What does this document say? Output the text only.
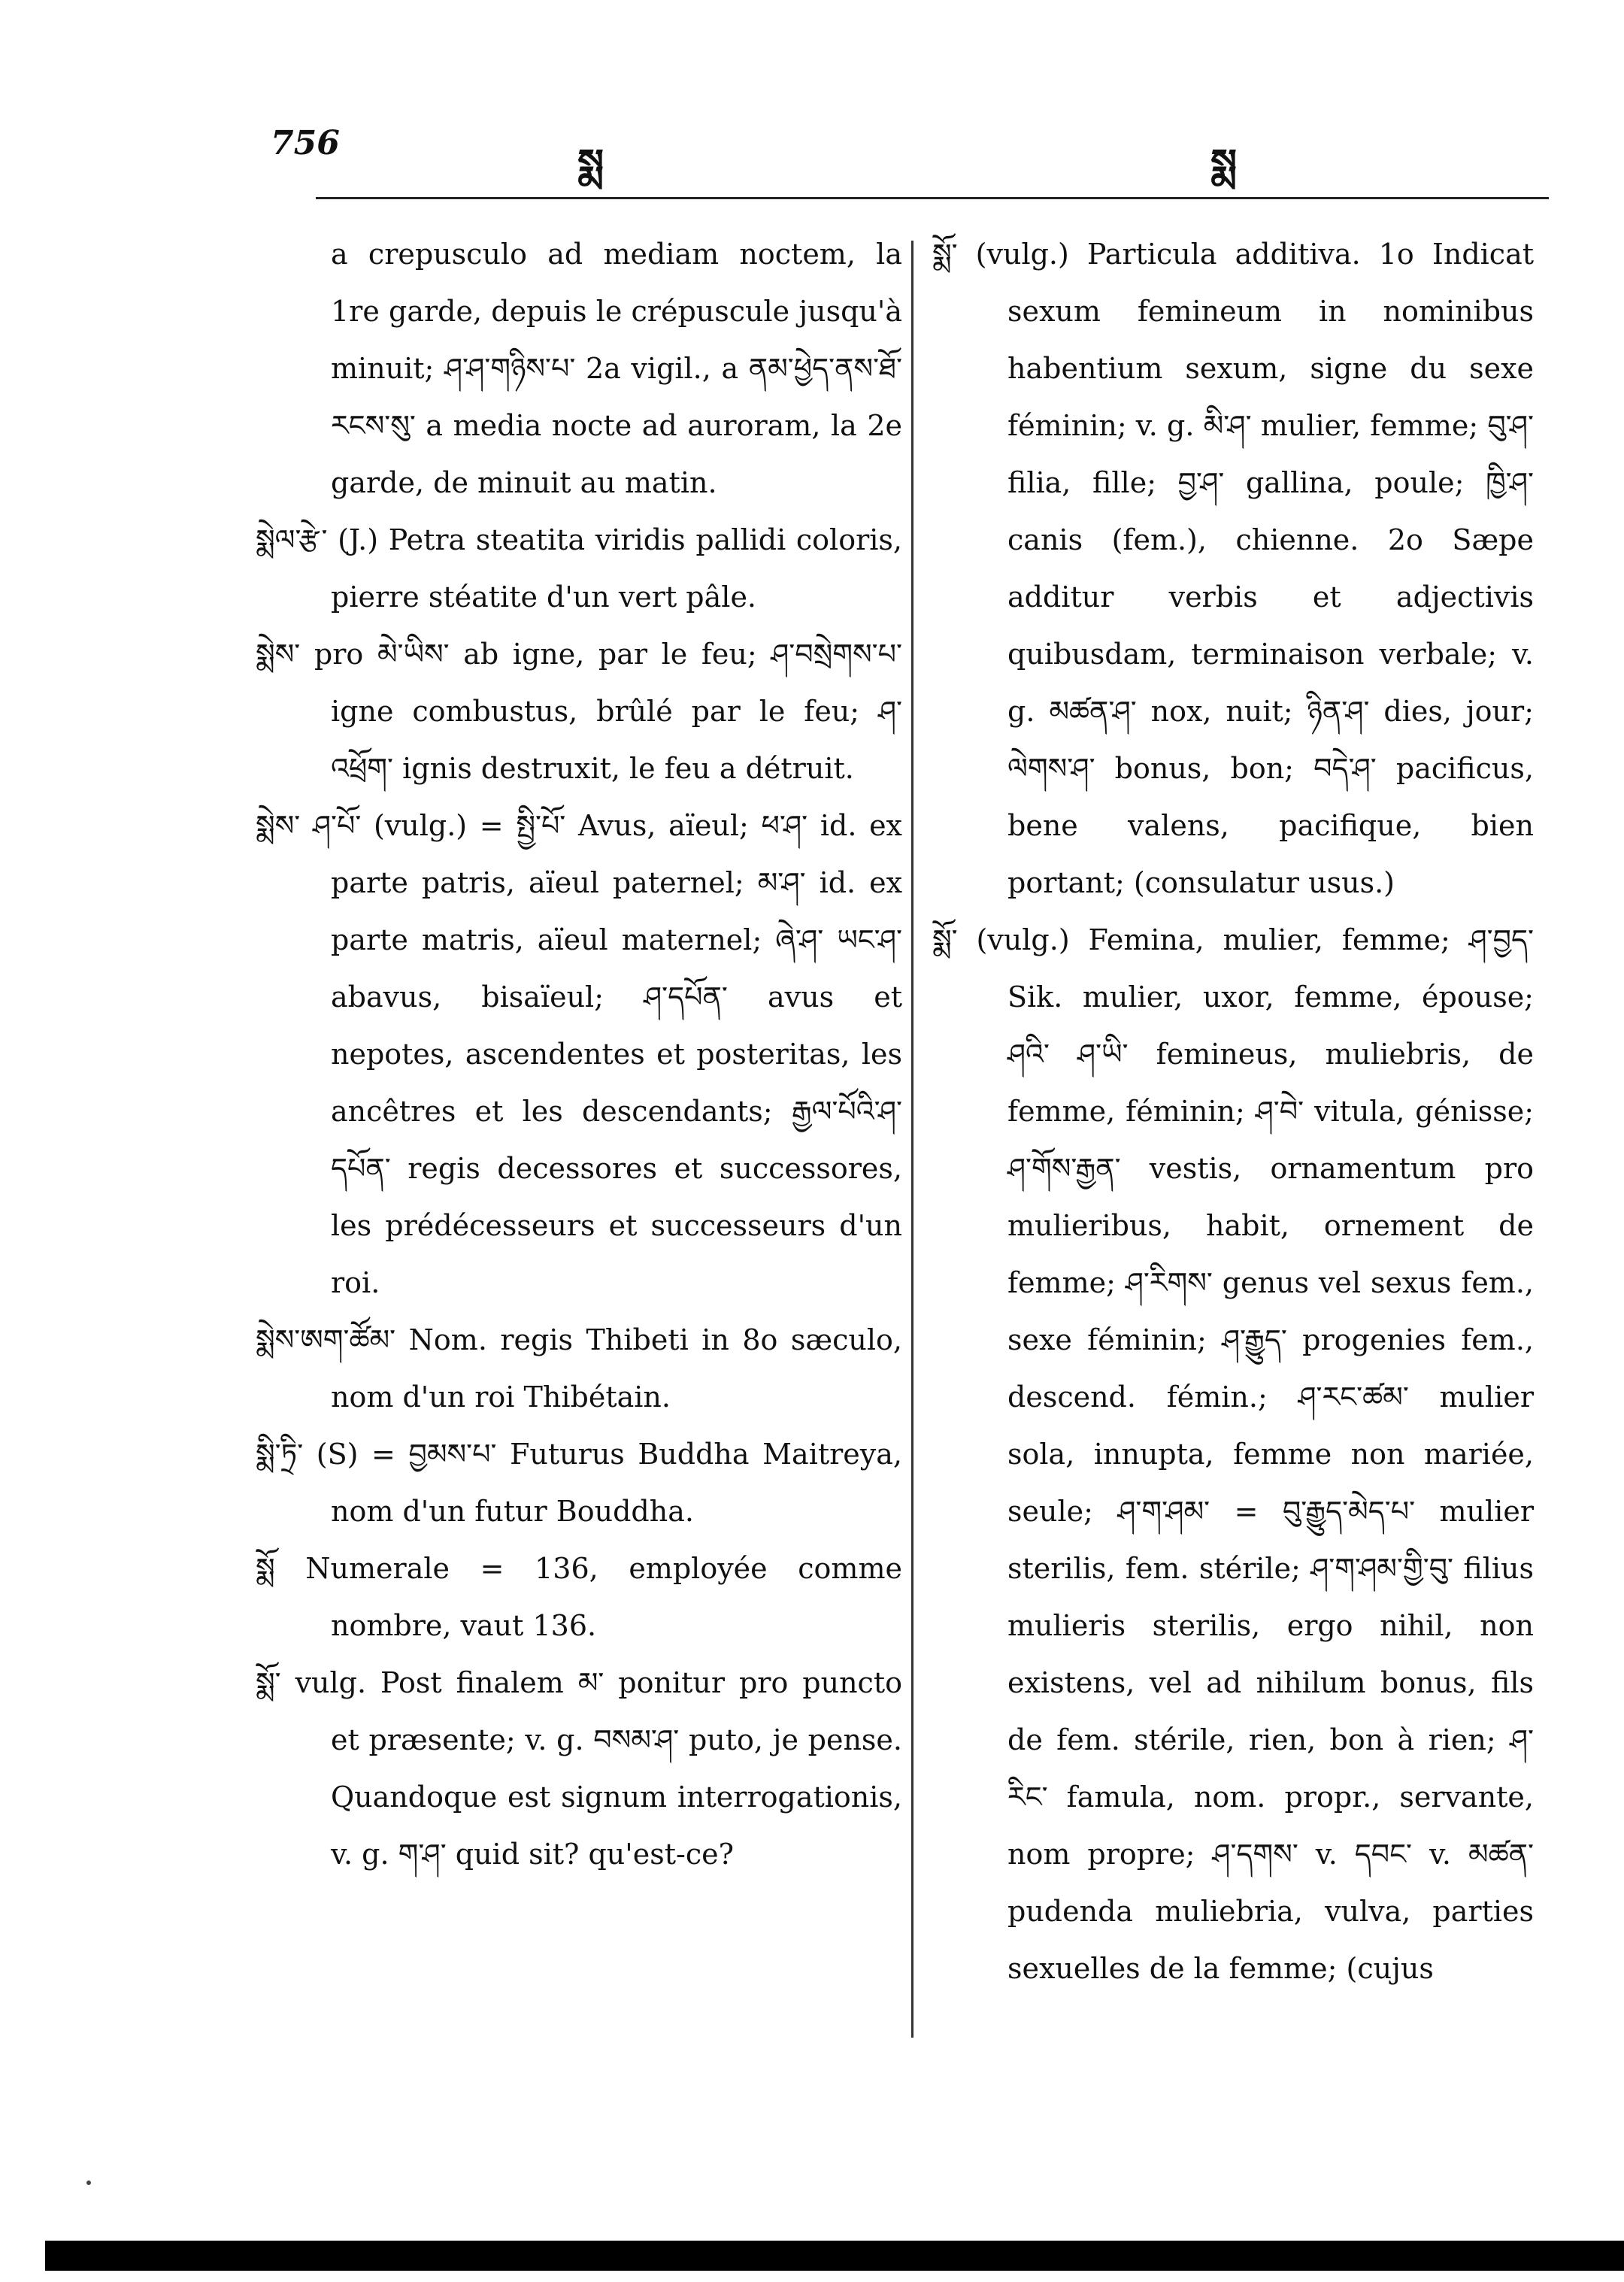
756	སྨ	སྨ

a crepusculo ad mediam noctem, la 1re garde, depuis le crépuscule jusqu'à minuit; ཤ་ཤ་གཉིས་པ་ 2a vigil., a ནམ་ཕྱེད་ནས་ཐོ་རངས་སུ་ a media nocte ad auroram, la 2e garde, de minuit au matin.

སྨེལ་རྩེ་ (J.) Petra steatita viridis pallidi coloris, pierre stéatite d'un vert pâle.

སྨེས་ pro མེ་ཡིས་ ab igne, par le feu; ཤ་བསྲེགས་པ་ igne combustus, brûlé par le feu; ཤ་འཕྲོག་ ignis destruxit, le feu a détruit.

སྨེས་ ཤ་པོ་ (vulg.) = སྤྱི་པོ་ Avus, aïeul; ཕ་ཤ་ id. ex parte patris, aïeul paternel; མ་ཤ་ id. ex parte matris, aïeul maternel; ཞེ་ཤ་ ཡང་ཤ་ abavus, bisaïeul; ཤ་དཔོན་ avus et nepotes, ascendentes et posteritas, les ancêtres et les descendants; རྒྱལ་པོའི་ཤ་དཔོན་ regis decessores et successores, les prédécesseurs et successeurs d'un roi.

སྨེས་ཨག་ཚོམ་ Nom. regis Thibeti in 8o sæculo, nom d'un roi Thibétain.

སྨི་ཏྲི་ (S) = བྱམས་པ་ Futurus Buddha Maitreya, nom d'un futur Bouddha.

སྨོ Numerale = 136, employée comme nombre, vaut 136.

སྨོ་ vulg. Post finalem མ་ ponitur pro puncto et præsente; v. g. བསམ་ཤ་ puto, je pense. Quandoque est signum interrogationis, v. g. ག་ཤ་ quid sit? qu'est-ce?

སྨོ་ (vulg.) Particula additiva. 1o Indicat sexum femineum in nominibus habentium sexum, signe du sexe féminin; v. g. མི་ཤ་ mulier, femme; བུ་ཤ་ filia, fille; བྱ་ཤ་ gallina, poule; ཁྱི་ཤ་ canis (fem.), chienne. 2o Sæpe additur verbis et adjectivis quibusdam, terminaison verbale; v. g. མཚན་ཤ་ nox, nuit; ཉིན་ཤ་ dies, jour; ལེགས་ཤ་ bonus, bon; བདེ་ཤ་ pacificus, bene valens, pacifique, bien portant; (consulatur usus.)

སྨོ་ (vulg.) Femina, mulier, femme; ཤ་བྱད་ Sik. mulier, uxor, femme, épouse; ཤའི་ ཤ་ཡི་ femineus, muliebris, de femme, féminin; ཤ་བེ་ vitula, génisse; ཤ་གོས་རྒྱན་ vestis, ornamentum pro mulieribus, habit, ornement de femme; ཤ་རིགས་ genus vel sexus fem., sexe féminin; ཤ་རྒྱུད་ progenies fem., descend. fémin.; ཤ་རང་ཚམ་ mulier sola, innupta, femme non mariée, seule; ཤ་ག་ཤམ་ = བུ་རྒྱུད་མེད་པ་ mulier sterilis, fem. stérile; ཤ་ག་ཤམ་གྱི་བུ་ filius mulieris sterilis, ergo nihil, non existens, vel ad nihilum bonus, fils de fem. stérile, rien, bon à rien; ཤ་རིང་ famula, nom. propr., servante, nom propre; ཤ་དགས་ v. དབང་ v. མཚན་ pudenda muliebria, vulva, parties sexuelles de la femme; (cujus
